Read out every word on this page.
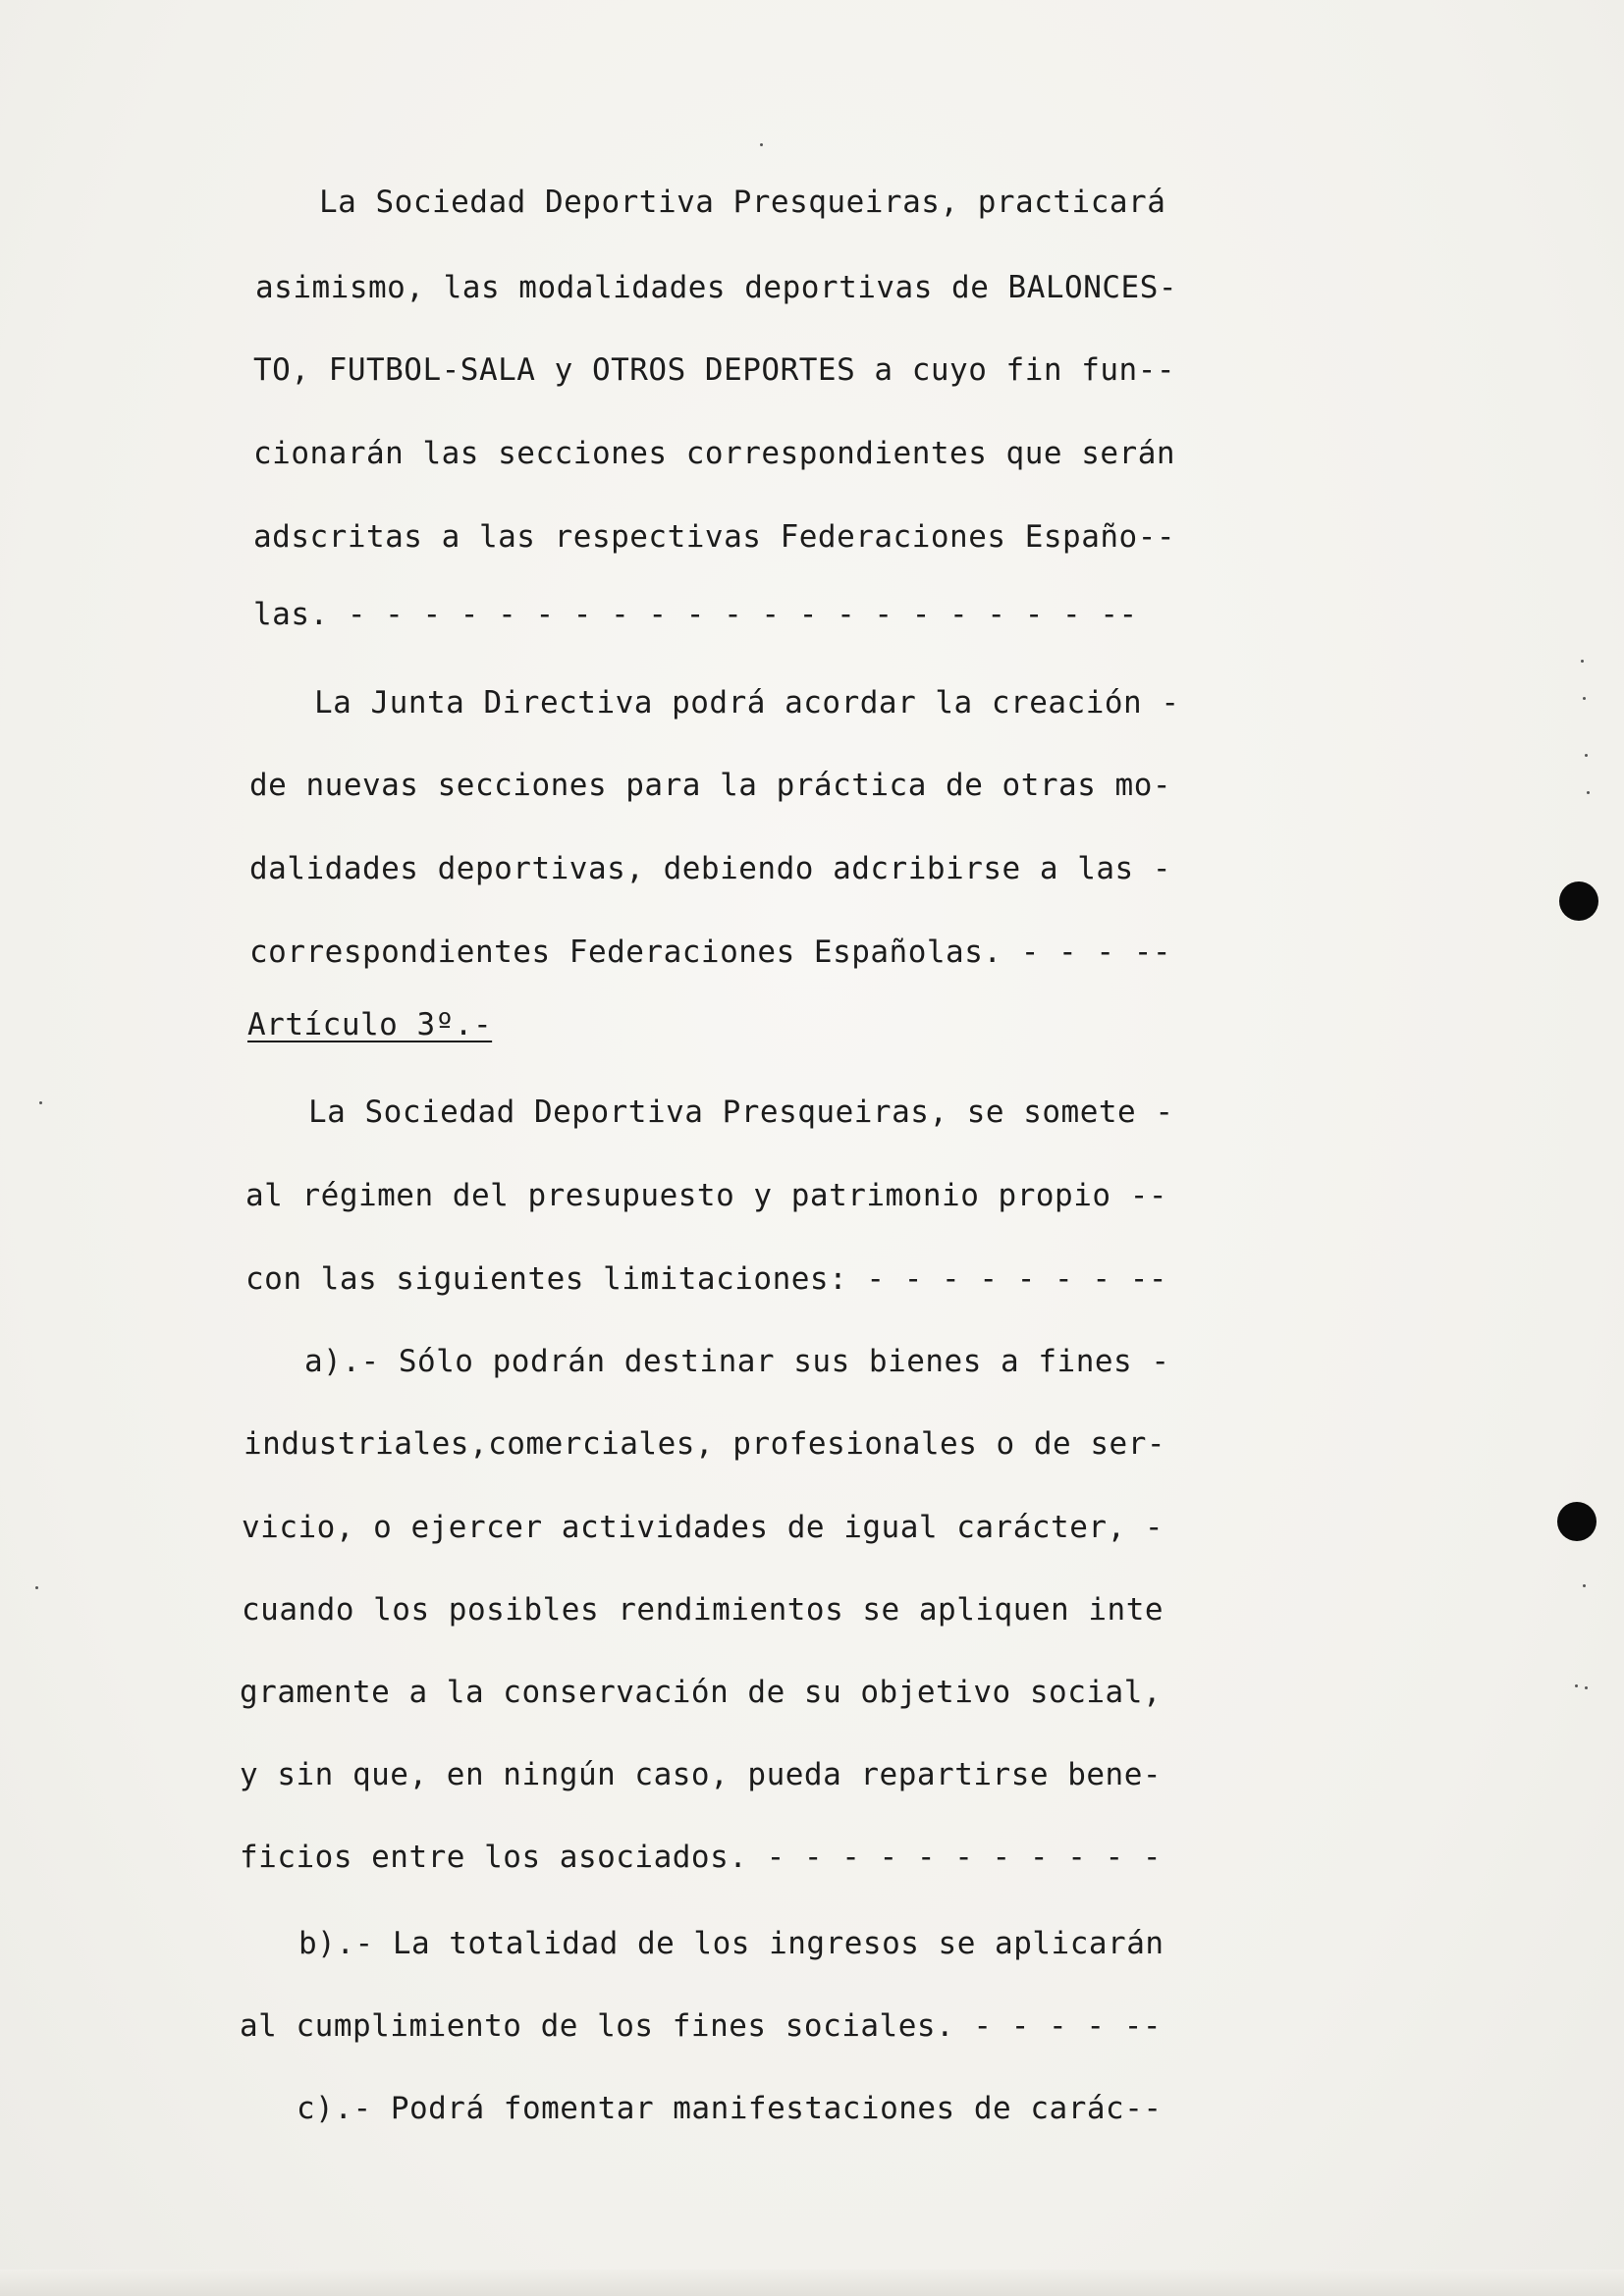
La Sociedad Deportiva Presqueiras, practicará
asimismo, las modalidades deportivas de BALONCES-
TO, FUTBOL-SALA y OTROS DEPORTES a cuyo fin fun--
cionarán las secciones correspondientes que serán
adscritas a las respectivas Federaciones Españo--
las. - - - - - - - - - - - - - - - - - - - - --
La Junta Directiva podrá acordar la creación -
de nuevas secciones para la práctica de otras mo-
dalidades deportivas, debiendo adcribirse a las -
correspondientes Federaciones Españolas. - - - --
Artículo 3º.-
La Sociedad Deportiva Presqueiras, se somete -
al régimen del presupuesto y patrimonio propio --
con las siguientes limitaciones: - - - - - - - --
a).- Sólo podrán destinar sus bienes a fines -
industriales,comerciales, profesionales o de ser-
vicio, o ejercer actividades de igual carácter, -
cuando los posibles rendimientos se apliquen inte
gramente a la conservación de su objetivo social,
y sin que, en ningún caso, pueda repartirse bene-
ficios entre los asociados. - - - - - - - - - - -
b).- La totalidad de los ingresos se aplicarán
al cumplimiento de los fines sociales. - - - - --
c).- Podrá fomentar manifestaciones de carác--
